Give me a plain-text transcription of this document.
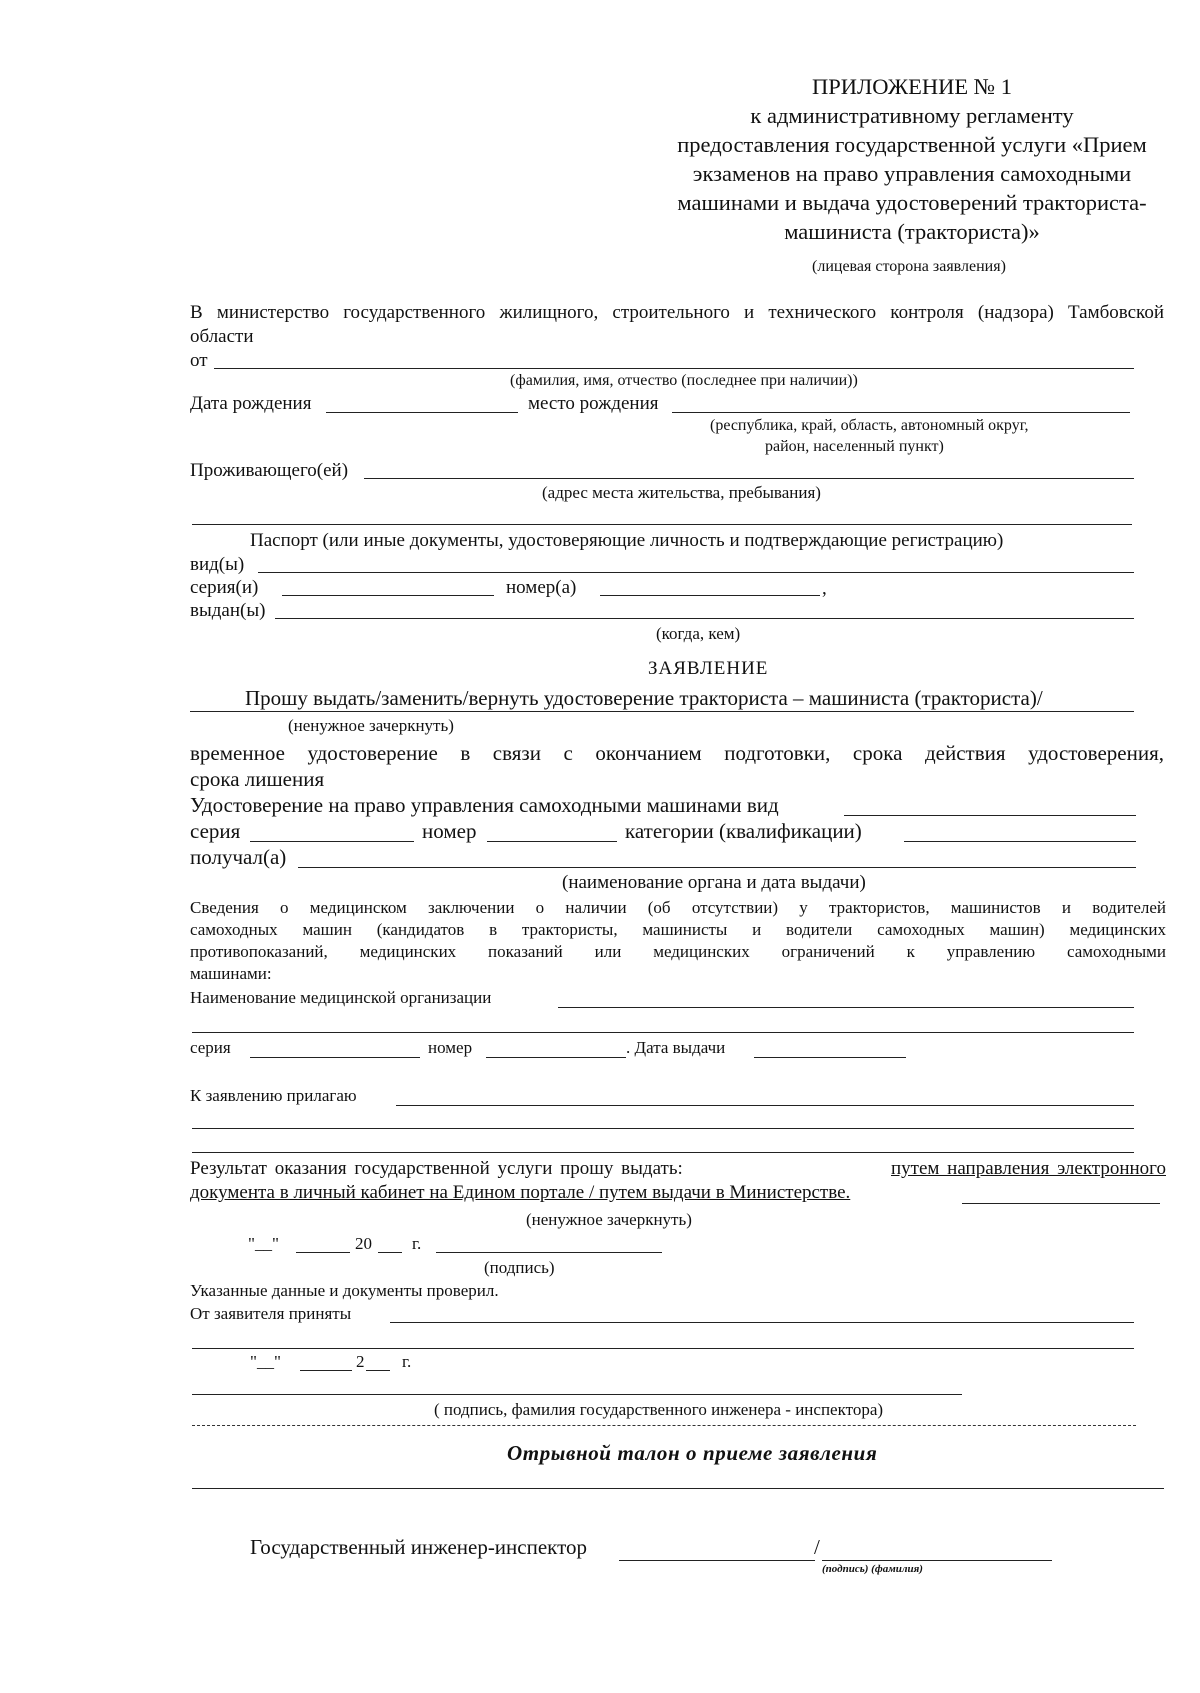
ПРИЛОЖЕНИЕ № 1
к административному регламенту
предоставления государственной услуги «Прием
экзаменов на право управления самоходными
машинами и выдача удостоверений тракториста-
машиниста (тракториста)»
(лицевая сторона заявления)
В министерство государственного жилищного, строительного и технического контроля (надзора) Тамбовской
области
от
(фамилия, имя, отчество (последнее при наличии))
Дата рождения	место рождения
(республика, край, область, автономный округ,
район, населенный пункт)
Проживающего(ей)
(адрес места жительства, пребывания)
Паспорт (или иные документы, удостоверяющие личность и подтверждающие регистрацию)
вид(ы)
серия(и)	номер(а)	,
выдан(ы)
(когда, кем)
ЗАЯВЛЕНИЕ
Прошу выдать/заменить/вернуть удостоверение тракториста – машиниста (тракториста)/
(ненужное зачеркнуть)
временное удостоверение в связи с окончанием подготовки, срока действия удостоверения,
срока лишения
Удостоверение на право управления самоходными машинами вид
серия	номер	категории (квалификации)
получал(а)
(наименование органа и дата выдачи)
Сведения о медицинском заключении о наличии (об отсутствии) у трактористов, машинистов и водителей
самоходных машин (кандидатов в трактористы, машинисты и водители самоходных машин) медицинских
противопоказаний, медицинских показаний или медицинских ограничений к управлению самоходными
машинами:
Наименование медицинской организации
серия	номер	. Дата выдачи
К заявлению прилагаю
Результат оказания государственной услуги прошу выдать:	путем направления электронного
документа в личный кабинет на Едином портале / путем выдачи в Министерстве.
(ненужное зачеркнуть)
"__"	20 г.
(подпись)
Указанные данные и документы проверил.
От заявителя приняты
"__"	2 г.
( подпись, фамилия государственного инженера - инспектора)
Отрывной талон о приеме заявления
Государственный инженер-инспектор	/
(подпись) (фамилия)
